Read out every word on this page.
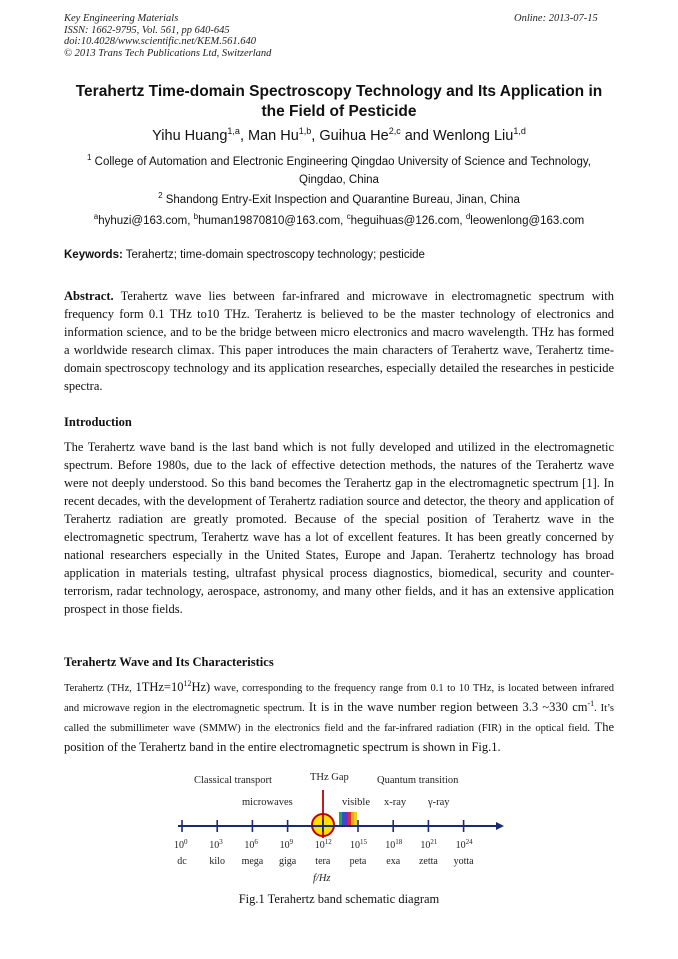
Key Engineering Materials
ISSN: 1662-9795, Vol. 561, pp 640-645
doi:10.4028/www.scientific.net/KEM.561.640
© 2013 Trans Tech Publications Ltd, Switzerland
Online: 2013-07-15
Terahertz Time-domain Spectroscopy Technology and Its Application in
the Field of Pesticide
Yihu Huang$^{1,a}$, Man Hu$^{1,b}$, Guihua He$^{2,c}$ and Wenlong Liu$^{1,d}$
$^1$ College of Automation and Electronic Engineering Qingdao University of Science and Technology,
Qingdao, China
$^2$ Shandong Entry-Exit Inspection and Quarantine Bureau, Jinan, China
$^a$hyhuzi@163.com, $^b$human19870810@163.com, $^c$heguihuas@126.com, $^d$leowenlong@163.com
Keywords: Terahertz; time-domain spectroscopy technology; pesticide
Abstract. Terahertz wave lies between far-infrared and microwave in electromagnetic spectrum with frequency form 0.1 THz to10 THz. Terahertz is believed to be the master technology of electronics and information science, and to be the bridge between micro electronics and macro wavelength. THz has formed a worldwide research climax. This paper introduces the main characters of Terahertz wave, Terahertz time-domain spectroscopy technology and its application researches, especially detailed the researches in pesticide spectra.
Introduction
The Terahertz wave band is the last band which is not fully developed and utilized in the electromagnetic spectrum. Before 1980s, due to the lack of effective detection methods, the natures of the Terahertz wave were not deeply understood. So this band becomes the Terahertz gap in the electromagnetic spectrum [1]. In recent decades, with the development of Terahertz radiation source and detector, the theory and application of Terahertz radiation are greatly promoted. Because of the special position of Terahertz wave in the electromagnetic spectrum, Terahertz wave has a lot of excellent features. It has been greatly concerned by national researchers especially in the United States, Europe and Japan. Terahertz technology has broad application in materials testing, ultrafast physical process diagnostics, biomedical, security and counter-terrorism, radar technology, aerospace, astronomy, and many other fields, and it has an extensive application prospect in those fields.
Terahertz Wave and Its Characteristics
Terahertz (THz, $1THz=10^{12}Hz$) wave, corresponding to the frequency range from 0.1 to 10 THz, is located between infrared and microwave region in the electromagnetic spectrum. It is in the wave number region between 3.3 ~330 $cm^{-1}$. It’s called the submillimeter wave (SMMW) in the electronics field and the far-infrared radiation (FIR) in the optical field. The position of the Terahertz band in the entire electromagnetic spectrum is shown in Fig.1.
Classical transport	THz Gap	Quantum transition
microwaves	visible x-ray γ-ray
$10^0$
dc
$10^3$
kilo
$10^6$
mega
$10^9$
giga
$10^{12}$
tera
$10^{15}$
peta
$10^{18}$
exa
$10^{21}$
zetta
$10^{24}$
yotta
f/Hz
Fig.1 Terahertz band schematic diagram
